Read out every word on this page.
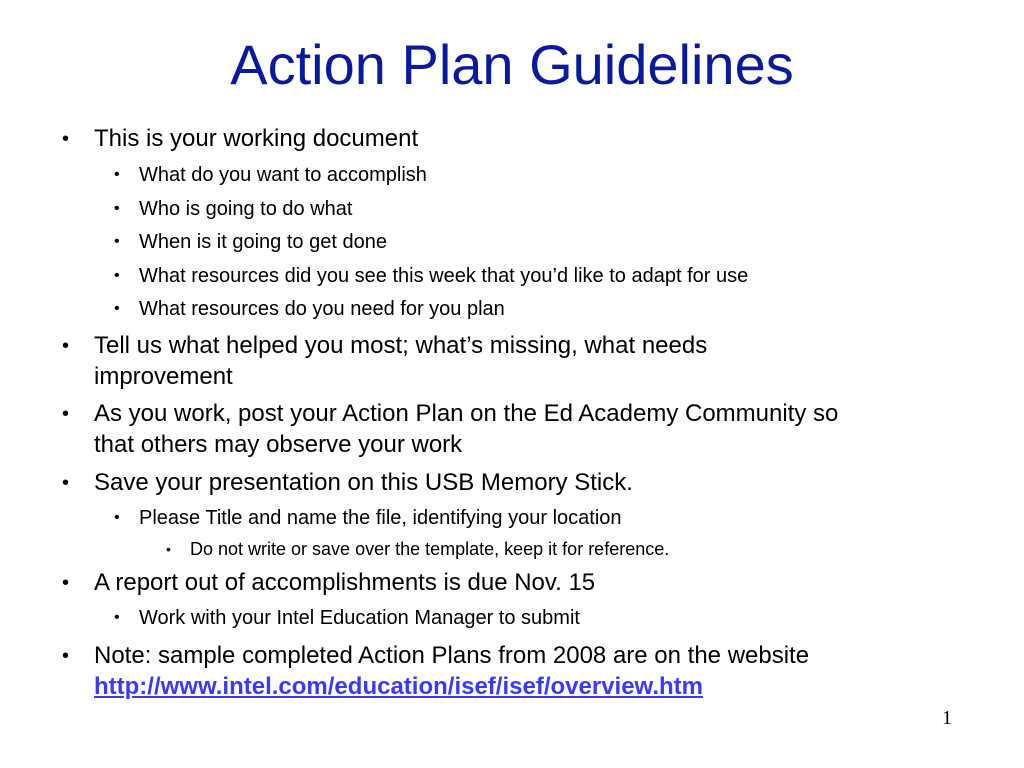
Action Plan Guidelines
• This is your working document
• What do you want to accomplish
• Who is going to do what
• When is it going to get done
• What resources did you see this week that you’d like to adapt for use
• What resources do you need for you plan
• Tell us what helped you most; what’s missing, what needs
improvement
• As you work, post your Action Plan on the Ed Academy Community so
that others may observe your work
• Save your presentation on this USB Memory Stick.
• Please Title and name the file, identifying your location
• Do not write or save over the template, keep it for reference.
• A report out of accomplishments is due Nov. 15
• Work with your Intel Education Manager to submit
• Note: sample completed Action Plans from 2008 are on the website
http://www.intel.com/education/isef/isef/overview.htm
1
